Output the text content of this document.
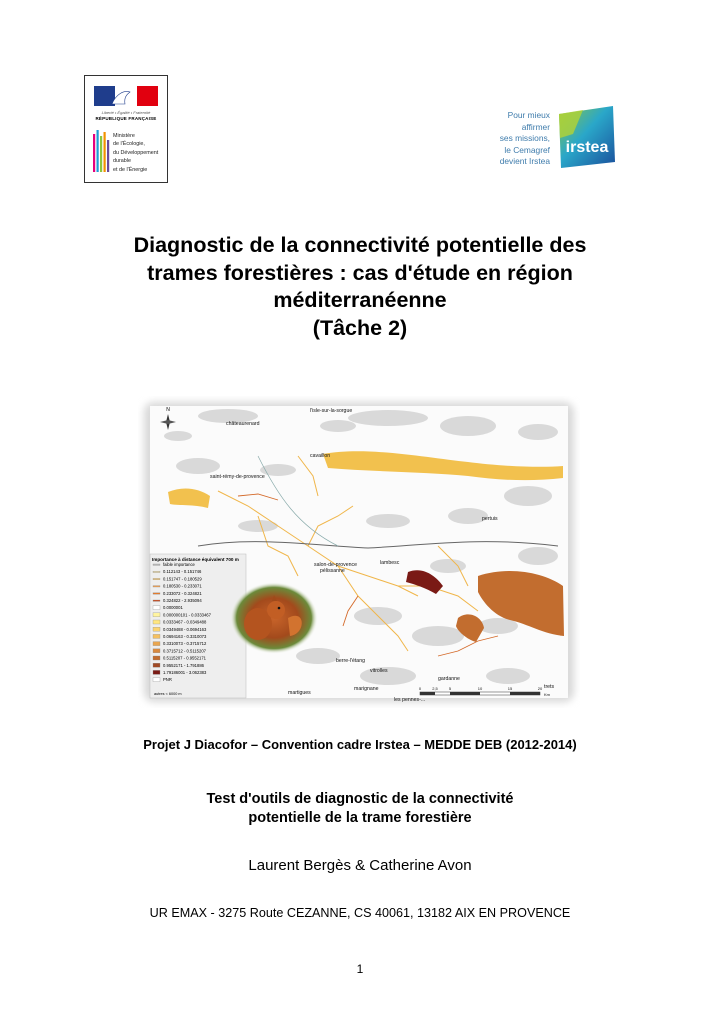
Liberté • Égalité • Fraternité
RÉPUBLIQUE FRANÇAISE
Ministère
de l'Écologie,
du Développement
durable
et de l'Énergie
Pour mieux
affirmer
ses missions,
le Cemagref
devient Irstea
irstea
Diagnostic de la connectivité potentielle des
trames forestières : cas d'étude en région
méditerranéenne
(Tâche 2)
N	l'isle-sur-la-sorgue
châteaurenard
cavaillon
saint-rémy-de-provence
pertuis
salon-de-provence	lambesc
pélissanne
berre-l'étang
vitrolles
gardanne
trets
martigues
marignane
les pennes-...
Importance à distance équivalent 700 m
faible importance
0.112143 - 0.151746
0.151747 - 0.180529
0.180530 - 0.233071
0.233072 - 0.324821
0.324822 - 2.935094
0.0000001
0.000000101 - 0.0333467
0.0333467 - 0.0349488
0.0349488 - 0.0694163
0.0694163 - 0.3310073
0.3310073 - 0.3715712
0.3715712 - 0.5115207
0.5115207 - 0.9552171
0.9552171 - 1.791886
1.79186001 - 3.062383
PNR
autres < 6000 m
0	2,5	5	10	15	20
Km
Projet J Diacofor – Convention cadre Irstea – MEDDE DEB (2012-2014)
Test d'outils de diagnostic de la connectivité
potentielle de la trame forestière
Laurent Bergès & Catherine Avon
UR EMAX - 3275 Route CEZANNE, CS 40061, 13182 AIX EN PROVENCE
1
